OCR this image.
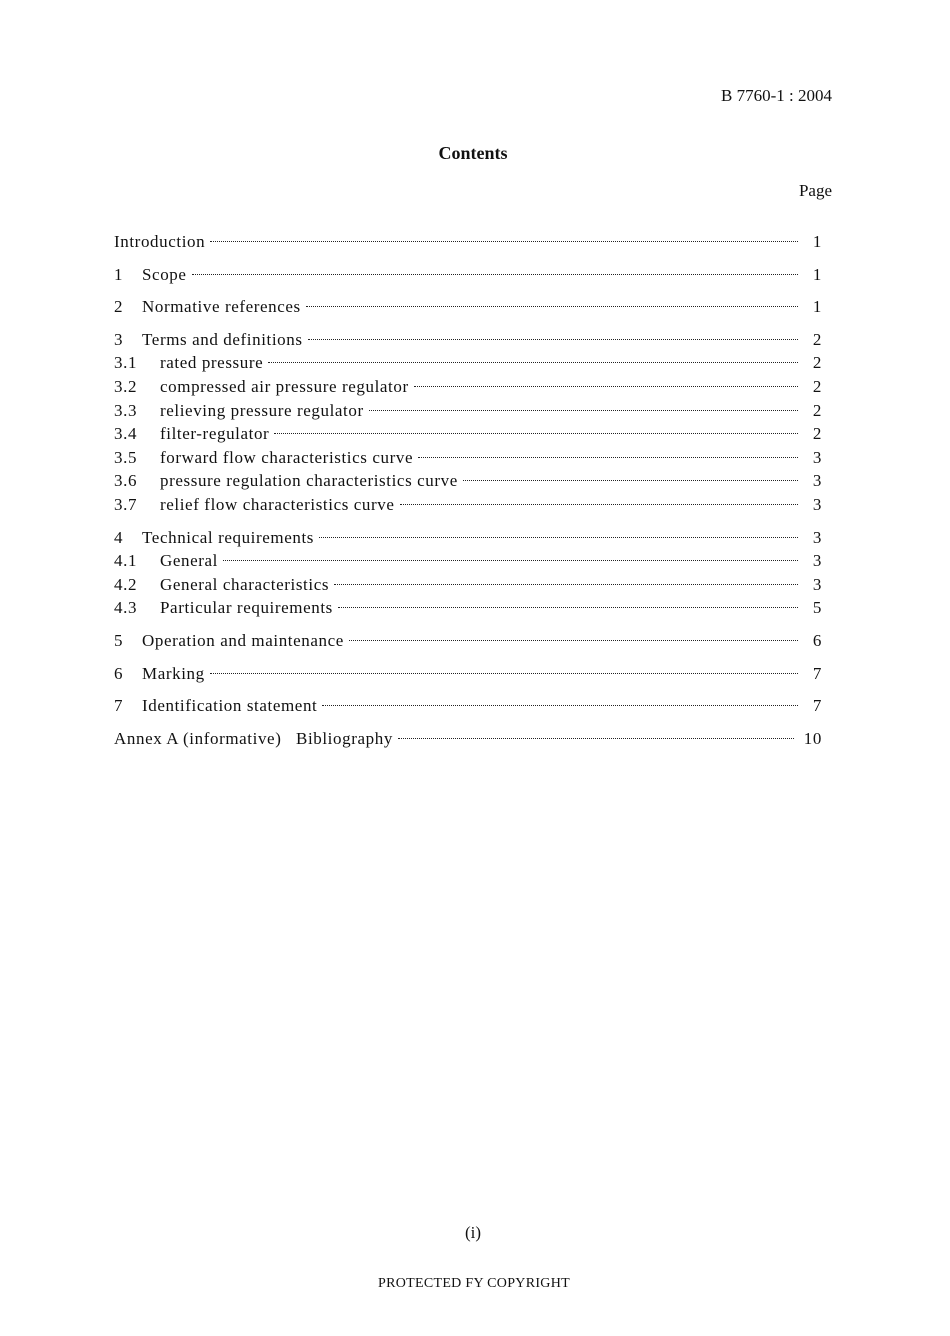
B 7760-1 : 2004
Contents
Page
Introduction	1
1	Scope	1
2	Normative references	1
3	Terms and definitions	2
3.1	rated pressure	2
3.2	compressed air pressure regulator	2
3.3	relieving pressure regulator	2
3.4	filter-regulator	2
3.5	forward flow characteristics curve	3
3.6	pressure regulation characteristics curve	3
3.7	relief flow characteristics curve	3
4	Technical requirements	3
4.1	General	3
4.2	General characteristics	3
4.3	Particular requirements	5
5	Operation and maintenance	6
6	Marking	7
7	Identification statement	7
Annex A (informative)   Bibliography	10
(i)
PROTECTED FY COPYRIGHT
